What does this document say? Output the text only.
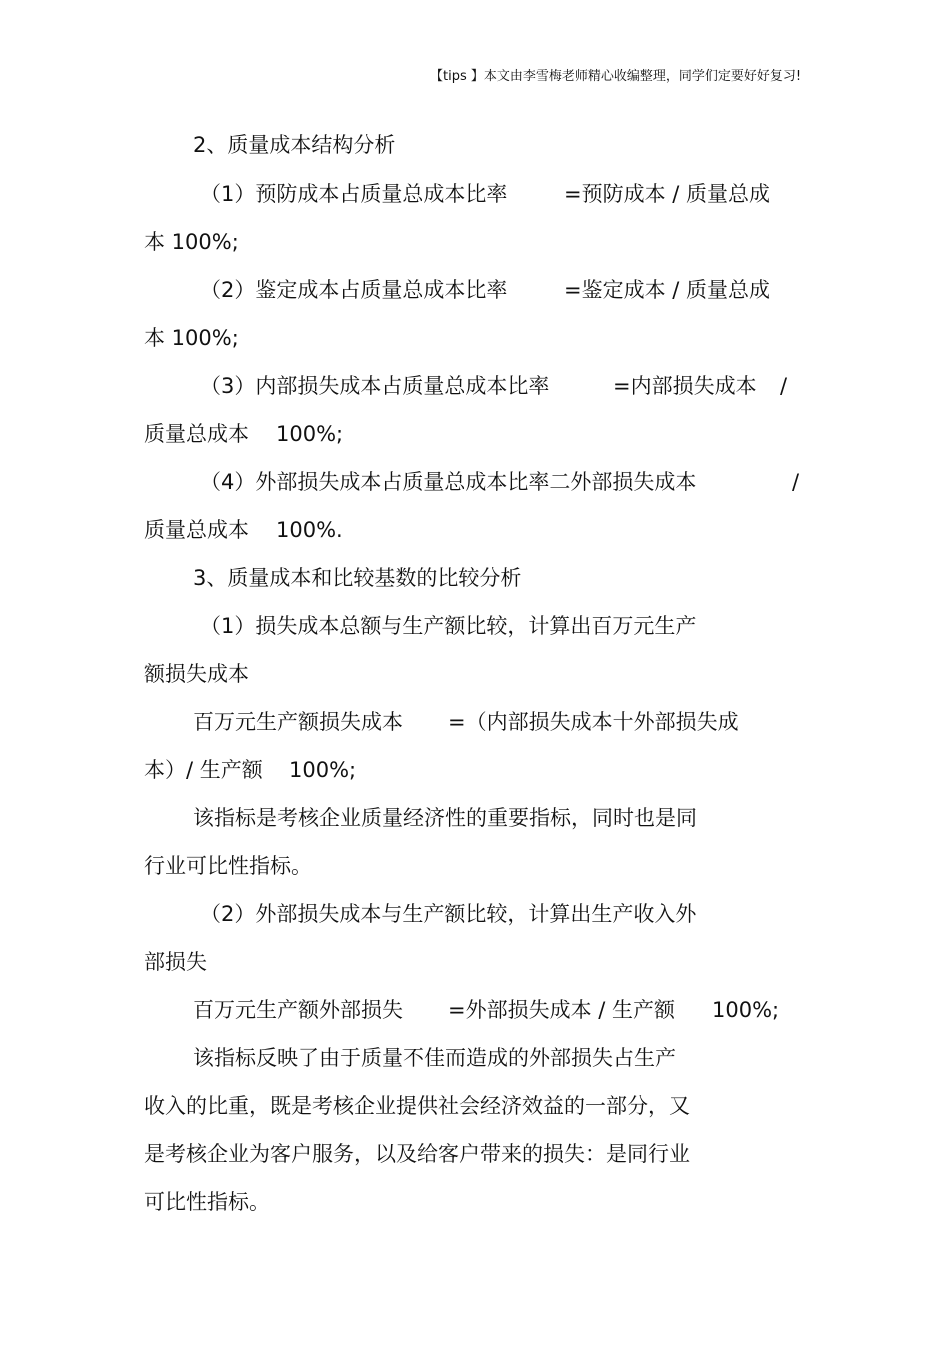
【tips 】本文由李雪梅老师精心收编整理，同学们定要好好复习!
2、质量成本结构分析
（1）预防成本占质量总成本比率	=预防成本 / 质量总成
本 100%;
（2）鉴定成本占质量总成本比率	=鉴定成本 / 质量总成
本 100%;
（3）内部损失成本占质量总成本比率	=内部损失成本 /
质量总成本 100%;
（4）外部损失成本占质量总成本比率二外部损失成本	/
质量总成本 100%.
3、质量成本和比较基数的比较分析
（1）损失成本总额与生产额比较，计算出百万元生产
额损失成本
百万元生产额损失成本 =（内部损失成本十外部损失成
本）/ 生产额 100%;
该指标是考核企业质量经济性的重要指标，同时也是同
行业可比性指标。
（2）外部损失成本与生产额比较，计算出生产收入外
部损失
百万元生产额外部损失 =外部损失成本 / 生产额 100%;
该指标反映了由于质量不佳而造成的外部损失占生产
收入的比重，既是考核企业提供社会经济效益的一部分，又
是考核企业为客户服务，以及给客户带来的损失：是同行业
可比性指标。
